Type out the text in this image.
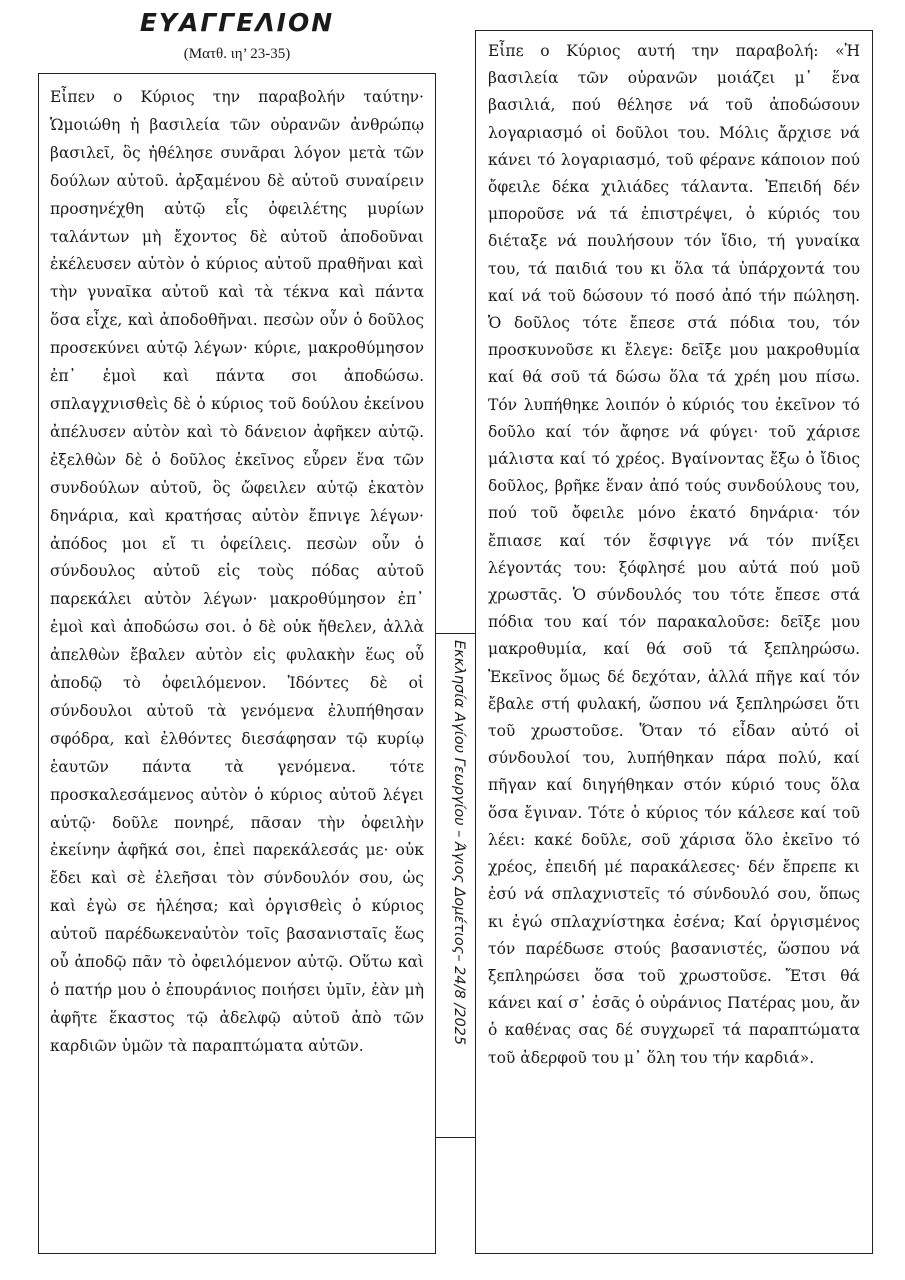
ΕΥΑΓΓΕΛΙΟΝ
(Ματθ. ιη’ 23-35)

Εἶπεν ο Κύριος την παραβολήν ταύτην· Ὡμοιώθη ἡ βασιλεία τῶν οὐρανῶν ἀνθρώπῳ βασιλεῖ, ὃς ἠθέλησε συνᾶραι λόγον μετὰ τῶν δούλων αὐτοῦ. ἀρξαμένου δὲ αὐτοῦ συναίρειν προσηνέχθη αὐτῷ εἷς ὀφειλέτης μυρίων ταλάντων μὴ ἔχοντος δὲ αὐτοῦ ἀποδοῦναι ἐκέλευσεν αὐτὸν ὁ κύριος αὐτοῦ πραθῆναι καὶ τὴν γυναῖκα αὐτοῦ καὶ τὰ τέκνα καὶ πάντα ὅσα εἶχε, καὶ ἀποδοθῆναι. πεσὼν οὖν ὁ δοῦλος προσεκύνει αὐτῷ λέγων· κύριε, μακροθύμησον ἐπ᾿ ἐμοὶ καὶ πάντα σοι ἀποδώσω. σπλαγχνισθεὶς δὲ ὁ κύριος τοῦ δούλου ἐκείνου ἀπέλυσεν αὐτὸν καὶ τὸ δάνειον ἀφῆκεν αὐτῷ. ἐξελθὼν δὲ ὁ δοῦλος ἐκεῖνος εὗρεν ἕνα τῶν συνδούλων αὐτοῦ, ὃς ὤφειλεν αὐτῷ ἑκατὸν δηνάρια, καὶ κρατήσας αὐτὸν ἔπνιγε λέγων· ἀπόδος μοι εἴ τι ὀφείλεις. πεσὼν οὖν ὁ σύνδουλος αὐτοῦ εἰς τοὺς πόδας αὐτοῦ παρεκάλει αὐτὸν λέγων· μακροθύμησον ἐπ᾿ ἐμοὶ καὶ ἀποδώσω σοι. ὁ δὲ οὐκ ἤθελεν, ἀλλὰ ἀπελθὼν ἔβαλεν αὐτὸν εἰς φυλακὴν ἕως οὗ ἀποδῷ τὸ ὀφειλόμενον. Ἰδόντες δὲ οἱ σύνδουλοι αὐτοῦ τὰ γενόμενα ἐλυπήθησαν σφόδρα, καὶ ἐλθόντες διεσάφησαν τῷ κυρίῳ ἑαυτῶν πάντα τὰ γενόμενα. τότε προσκαλεσάμενος αὐτὸν ὁ κύριος αὐτοῦ λέγει αὐτῷ· δοῦλε πονηρέ, πᾶσαν τὴν ὀφειλὴν ἐκείνην ἀφῆκά σοι, ἐπεὶ παρεκάλεσάς με· οὐκ ἔδει καὶ σὲ ἐλεῆσαι τὸν σύνδουλόν σου, ὡς καὶ ἐγὼ σε ἠλέησα; καὶ ὀργισθεὶς ὁ κύριος αὐτοῦ παρέδωκεναὐτὸν τοῖς βασανισταῖς ἕως οὗ ἀποδῷ πᾶν τὸ ὀφειλόμενον αὐτῷ. Οὕτω καὶ ὁ πατήρ μου ὁ ἐπουράνιος ποιήσει ὑμῖν, ἐὰν μὴ ἀφῆτε ἕκαστος τῷ ἀδελφῷ αὐτοῦ ἀπὸ τῶν καρδιῶν ὑμῶν τὰ παραπτώματα αὐτῶν.

Εκκλησία Αγίου Γεωργίου – Άγιος Δομέτιος– 24/8 /2025

Εἶπε ο Κύριος αυτή την παραβολή: «Ἡ βασιλεία τῶν οὐρανῶν μοιάζει μ᾿ ἕνα βασιλιά, πού θέλησε νά τοῦ ἀποδώσουν λογαριασμό οἱ δοῦλοι του. Μόλις ἄρχισε νά κάνει τό λογαριασμό, τοῦ φέρανε κάποιον πού ὄφειλε δέκα χιλιάδες τάλαντα. Ἐπειδή δέν μποροῦσε νά τά ἐπιστρέψει, ὁ κύριός του διέταξε νά πουλήσουν τόν ἴδιο, τή γυναίκα του, τά παιδιά του κι ὅλα τά ὑπάρχοντά του καί νά τοῦ δώσουν τό ποσό ἀπό τήν πώληση. Ὁ δοῦλος τότε ἔπεσε στά πόδια του, τόν προσκυνοῦσε κι ἔλεγε: δεῖξε μου μακροθυμία καί θά σοῦ τά δώσω ὅλα τά χρέη μου πίσω. Τόν λυπήθηκε λοιπόν ὁ κύριός του ἐκεῖνον τό δοῦλο καί τόν ἄφησε νά φύγει· τοῦ χάρισε μάλιστα καί τό χρέος. Βγαίνοντας ἔξω ὁ ἴδιος δοῦλος, βρῆκε ἕναν ἀπό τούς συνδούλους του, πού τοῦ ὄφειλε μόνο ἑκατό δηνάρια· τόν ἔπιασε καί τόν ἔσφιγγε νά τόν πνίξει λέγοντάς του: ξόφλησέ μου αὐτά πού μοῦ χρωστᾶς. Ὁ σύνδουλός του τότε ἔπεσε στά πόδια του καί τόν παρακαλοῦσε: δεῖξε μου μακροθυμία, καί θά σοῦ τά ξεπληρώσω. Ἐκεῖνος ὅμως δέ δεχόταν, ἀλλά πῆγε καί τόν ἔβαλε στή φυλακή, ὥσπου νά ξεπληρώσει ὅτι τοῦ χρωστοῦσε. Ὅταν τό εἶδαν αὐτό οἱ σύνδουλοί του, λυπήθηκαν πάρα πολύ, καί πῆγαν καί διηγήθηκαν στόν κύριό τους ὅλα ὅσα ἔγιναν. Τότε ὁ κύριος τόν κάλεσε καί τοῦ λέει: κακέ δοῦλε, σοῦ χάρισα ὅλο ἐκεῖνο τό χρέος, ἐπειδή μέ παρακάλεσες· δέν ἔπρεπε κι ἐσύ νά σπλαχνιστεῖς τό σύνδουλό σου, ὅπως κι ἐγώ σπλαχνίστηκα ἐσένα; Καί ὀργισμένος τόν παρέδωσε στούς βασανιστές, ὥσπου νά ξεπληρώσει ὅσα τοῦ χρωστοῦσε. Ἔτσι θά κάνει καί σ᾿ ἐσᾶς ὁ οὐράνιος Πατέρας μου, ἄν ὁ καθένας σας δέ συγχωρεῖ τά παραπτώματα τοῦ ἀδερφοῦ του μ᾿ ὅλη του τήν καρδιά».
